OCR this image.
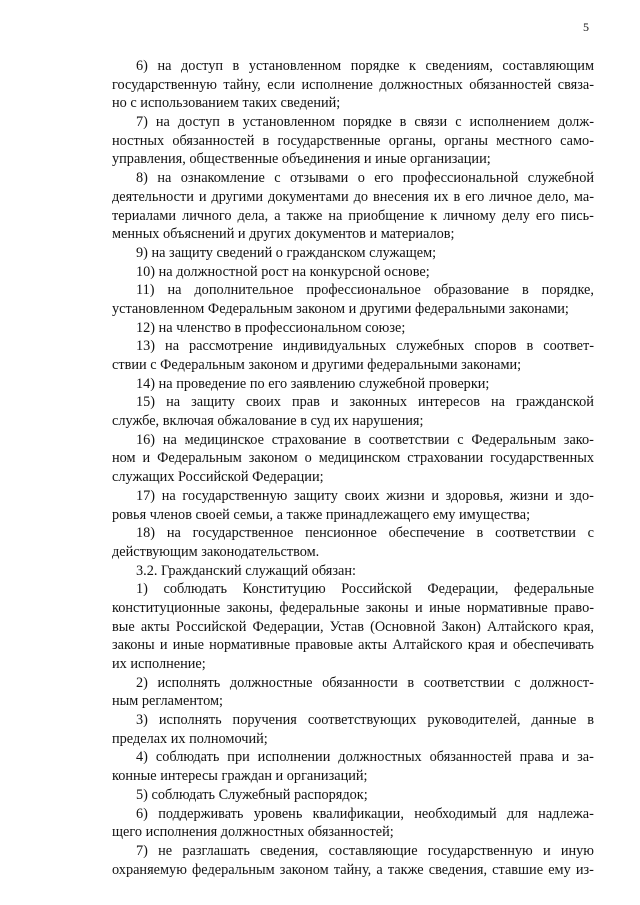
5
6) на доступ в установленном порядке к сведениям, составляющим
государственную тайну, если исполнение должностных обязанностей связа-
но с использованием таких сведений;
7) на доступ в установленном порядке в связи с исполнением долж-
ностных обязанностей в государственные органы, органы местного само-
управления, общественные объединения и иные организации;
8) на ознакомление с отзывами о его профессиональной служебной
деятельности и другими документами до внесения их в его личное дело, ма-
териалами личного дела, а также на приобщение к личному делу его пись-
менных объяснений и других документов и материалов;
9) на защиту сведений о гражданском служащем;
10) на должностной рост на конкурсной основе;
11) на дополнительное профессиональное образование в порядке,
установленном Федеральным законом и другими федеральными законами;
12) на членство в профессиональном союзе;
13) на рассмотрение индивидуальных служебных споров в соответ-
ствии с Федеральным законом и другими федеральными законами;
14) на проведение по его заявлению служебной проверки;
15) на защиту своих прав и законных интересов на гражданской
службе, включая обжалование в суд их нарушения;
16) на медицинское страхование в соответствии с Федеральным зако-
ном и Федеральным законом о медицинском страховании государственных
служащих Российской Федерации;
17) на государственную защиту своих жизни и здоровья, жизни и здо-
ровья членов своей семьи, а также принадлежащего ему имущества;
18) на государственное пенсионное обеспечение в соответствии с
действующим законодательством.
3.2. Гражданский служащий обязан:
1) соблюдать Конституцию Российской Федерации, федеральные
конституционные законы, федеральные законы и иные нормативные право-
вые акты Российской Федерации, Устав (Основной Закон) Алтайского края,
законы и иные нормативные правовые акты Алтайского края и обеспечивать
их исполнение;
2) исполнять должностные обязанности в соответствии с должност-
ным регламентом;
3) исполнять поручения соответствующих руководителей, данные в
пределах их полномочий;
4) соблюдать при исполнении должностных обязанностей права и за-
конные интересы граждан и организаций;
5) соблюдать Служебный распорядок;
6) поддерживать уровень квалификации, необходимый для надлежа-
щего исполнения должностных обязанностей;
7) не разглашать сведения, составляющие государственную и иную
охраняемую федеральным законом тайну, а также сведения, ставшие ему из-
